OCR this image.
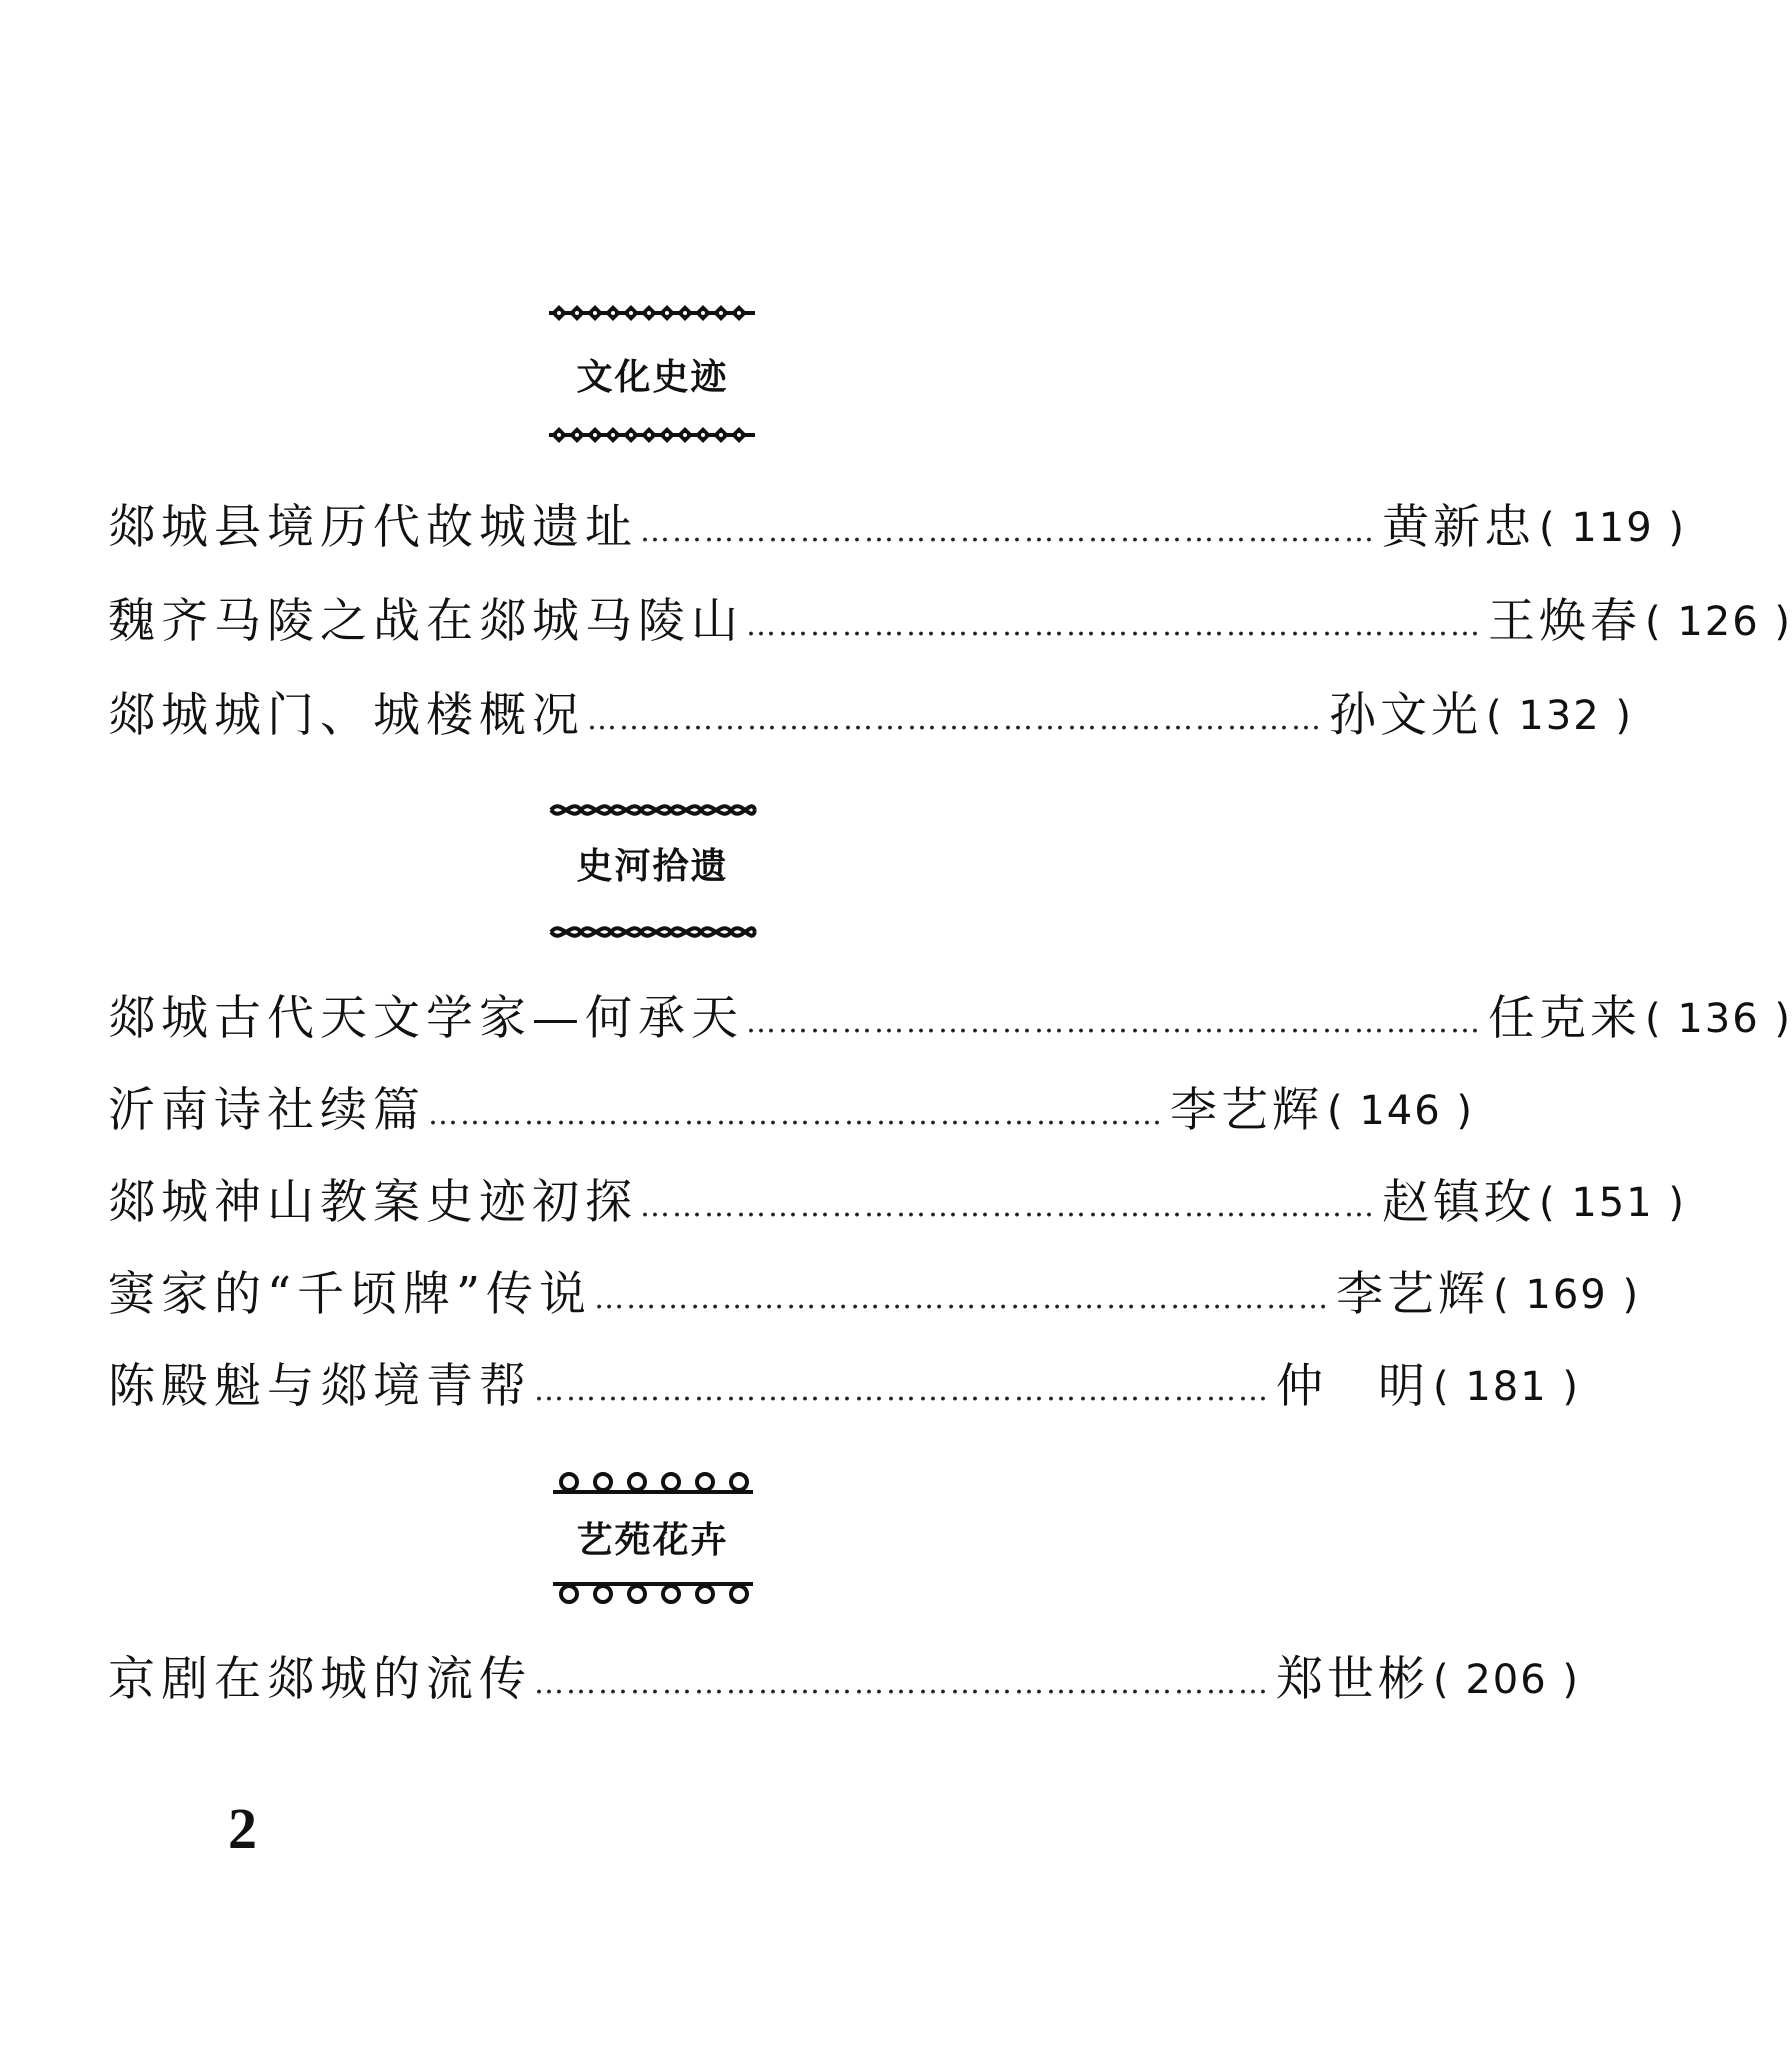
文化史迹
郯城县境历代故城遗址 …………………………………………………………… 黄新忠 ( 119 )
魏齐马陵之战在郯城马陵山 …………………………………………………………… 王焕春 ( 126 )
郯城城门、城楼概况 …………………………………………………………… 孙文光 ( 132 )
史河拾遗
郯城古代天文学家—何承天 …………………………………………………………… 任克来 ( 136 )
沂南诗社续篇 …………………………………………………………… 李艺辉 ( 146 )
郯城神山教案史迹初探 …………………………………………………………… 赵镇玫 ( 151 )
窦家的“千顷牌”传说 …………………………………………………………… 李艺辉 ( 169 )
陈殿魁与郯境青帮 …………………………………………………………… 仲　明 ( 181 )
艺苑花卉
京剧在郯城的流传 …………………………………………………………… 郑世彬 ( 206 )
2
